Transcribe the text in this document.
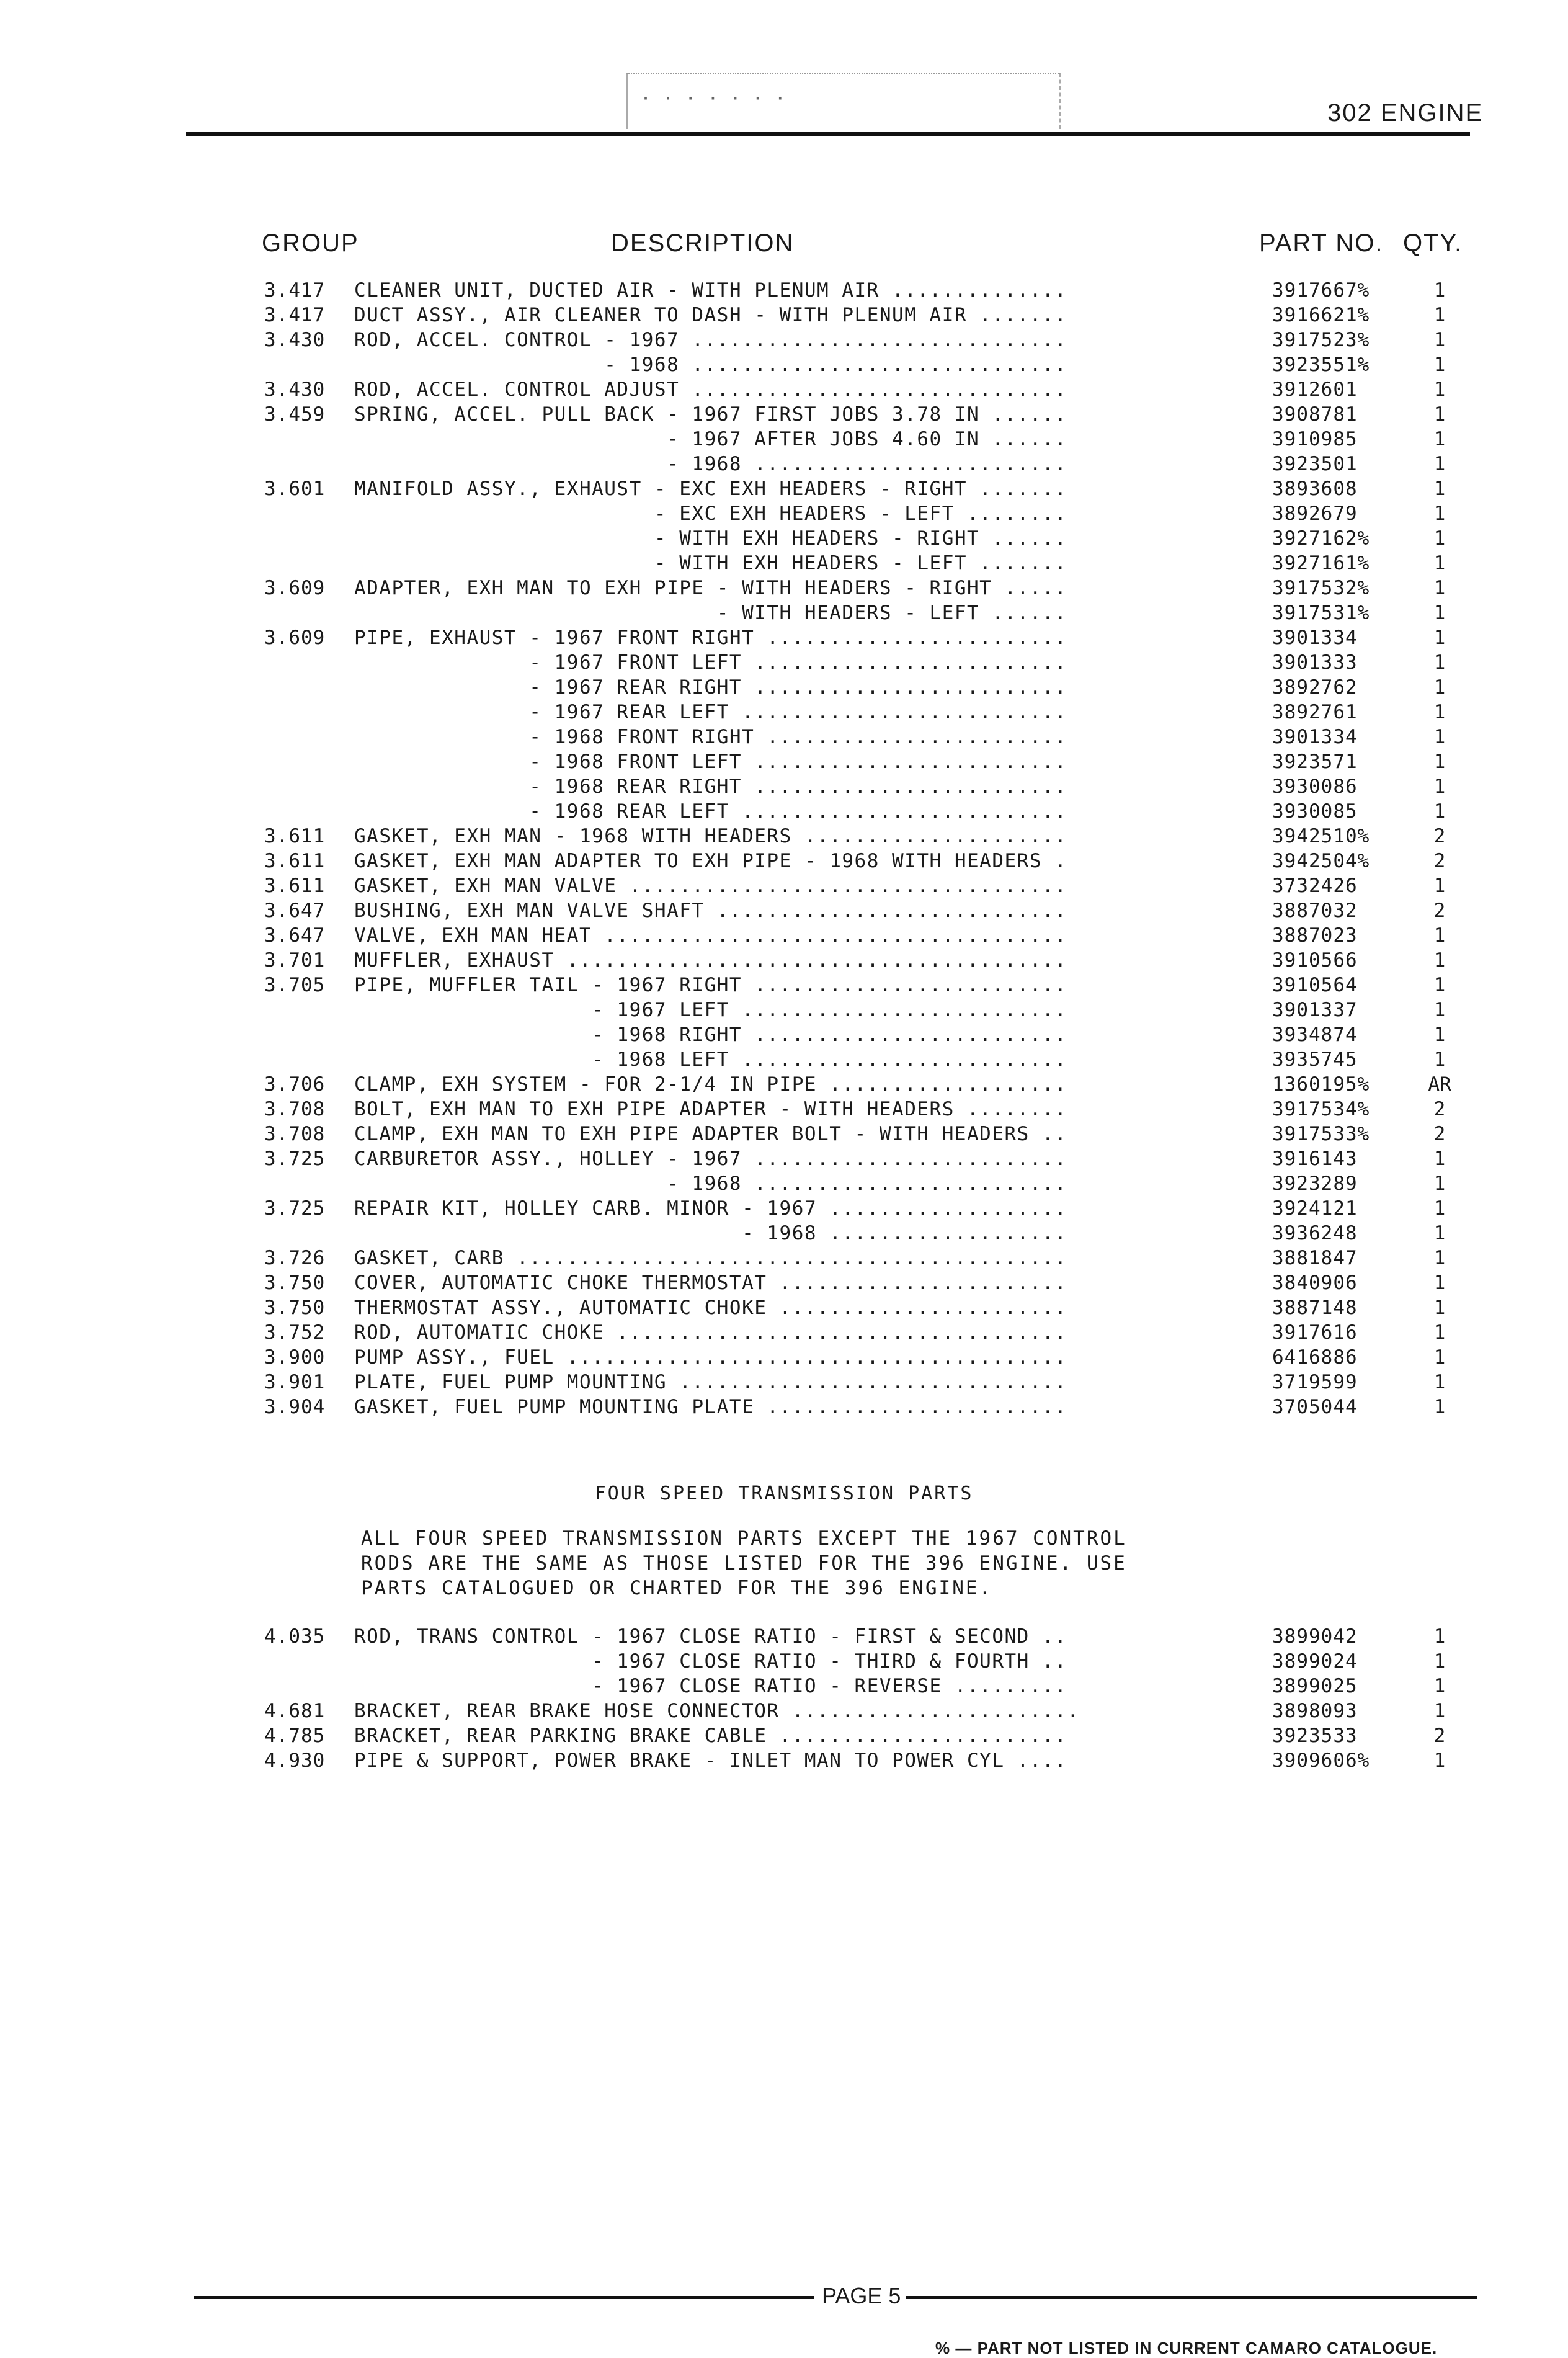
· · · · · · ·
302 ENGINE
GROUP	DESCRIPTION	PART NO. QTY.
3.417	CLEANER UNIT, DUCTED AIR - WITH PLENUM AIR ..............	3917667%	1
3.417	DUCT ASSY., AIR CLEANER TO DASH - WITH PLENUM AIR .......	3916621%	1
3.430	ROD, ACCEL. CONTROL - 1967 ..............................	3917523%	1
- 1968 ..............................	3923551%	1
3.430	ROD, ACCEL. CONTROL ADJUST ..............................	3912601	1
3.459	SPRING, ACCEL. PULL BACK - 1967 FIRST JOBS 3.78 IN ......	3908781	1
- 1967 AFTER JOBS 4.60 IN ......	3910985	1
- 1968 .........................	3923501	1
3.601	MANIFOLD ASSY., EXHAUST - EXC EXH HEADERS - RIGHT .......	3893608	1
- EXC EXH HEADERS - LEFT ........	3892679	1
- WITH EXH HEADERS - RIGHT ......	3927162%	1
- WITH EXH HEADERS - LEFT .......	3927161%	1
3.609	ADAPTER, EXH MAN TO EXH PIPE - WITH HEADERS - RIGHT .....	3917532%	1
- WITH HEADERS - LEFT ......	3917531%	1
3.609	PIPE, EXHAUST - 1967 FRONT RIGHT ........................	3901334	1
- 1967 FRONT LEFT .........................	3901333	1
- 1967 REAR RIGHT .........................	3892762	1
- 1967 REAR LEFT ..........................	3892761	1
- 1968 FRONT RIGHT ........................	3901334	1
- 1968 FRONT LEFT .........................	3923571	1
- 1968 REAR RIGHT .........................	3930086	1
- 1968 REAR LEFT ..........................	3930085	1
3.611	GASKET, EXH MAN - 1968 WITH HEADERS .....................	3942510%	2
3.611	GASKET, EXH MAN ADAPTER TO EXH PIPE - 1968 WITH HEADERS .	3942504%	2
3.611	GASKET, EXH MAN VALVE ...................................	3732426	1
3.647	BUSHING, EXH MAN VALVE SHAFT ............................	3887032	2
3.647	VALVE, EXH MAN HEAT .....................................	3887023	1
3.701	MUFFLER, EXHAUST ........................................	3910566	1
3.705	PIPE, MUFFLER TAIL - 1967 RIGHT .........................	3910564	1
- 1967 LEFT ..........................	3901337	1
- 1968 RIGHT .........................	3934874	1
- 1968 LEFT ..........................	3935745	1
3.706	CLAMP, EXH SYSTEM - FOR 2-1/4 IN PIPE ...................	1360195%	AR
3.708	BOLT, EXH MAN TO EXH PIPE ADAPTER - WITH HEADERS ........	3917534%	2
3.708	CLAMP, EXH MAN TO EXH PIPE ADAPTER BOLT - WITH HEADERS ..	3917533%	2
3.725	CARBURETOR ASSY., HOLLEY - 1967 .........................	3916143	1
- 1968 .........................	3923289	1
3.725	REPAIR KIT, HOLLEY CARB. MINOR - 1967 ...................	3924121	1
- 1968 ...................	3936248	1
3.726	GASKET, CARB ............................................	3881847	1
3.750	COVER, AUTOMATIC CHOKE THERMOSTAT .......................	3840906	1
3.750	THERMOSTAT ASSY., AUTOMATIC CHOKE .......................	3887148	1
3.752	ROD, AUTOMATIC CHOKE ....................................	3917616	1
3.900	PUMP ASSY., FUEL ........................................	6416886	1
3.901	PLATE, FUEL PUMP MOUNTING ...............................	3719599	1
3.904	GASKET, FUEL PUMP MOUNTING PLATE ........................	3705044	1
FOUR SPEED TRANSMISSION PARTS
ALL FOUR SPEED TRANSMISSION PARTS EXCEPT THE 1967 CONTROL
RODS ARE THE SAME AS THOSE LISTED FOR THE 396 ENGINE. USE
PARTS CATALOGUED OR CHARTED FOR THE 396 ENGINE.
4.035	ROD, TRANS CONTROL - 1967 CLOSE RATIO - FIRST & SECOND ..	3899042	1
- 1967 CLOSE RATIO - THIRD & FOURTH ..	3899024	1
- 1967 CLOSE RATIO - REVERSE .........	3899025	1
4.681	BRACKET, REAR BRAKE HOSE CONNECTOR .......................	3898093	1
4.785	BRACKET, REAR PARKING BRAKE CABLE .......................	3923533	2
4.930	PIPE & SUPPORT, POWER BRAKE - INLET MAN TO POWER CYL ....	3909606%	1
PAGE 5
% — PART NOT LISTED IN CURRENT CAMARO CATALOGUE.
